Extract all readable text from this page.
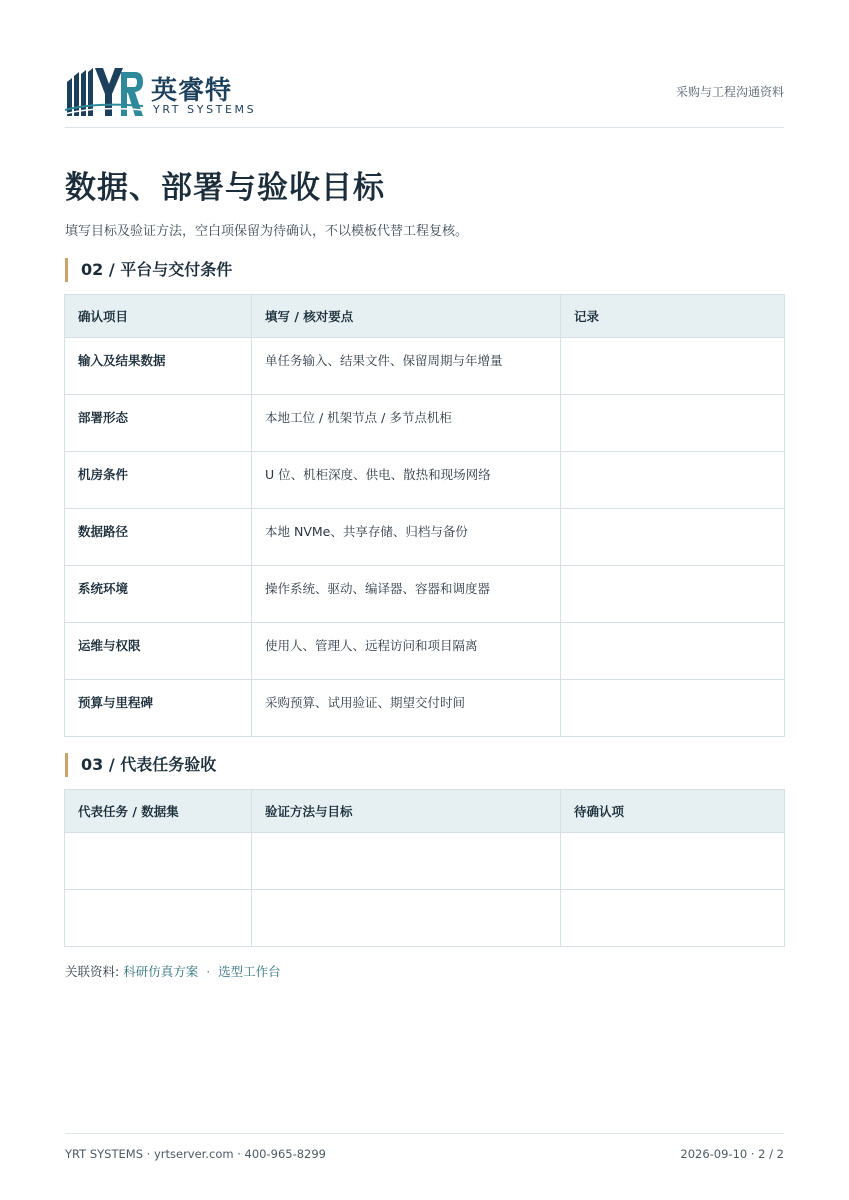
英睿特
YRT SYSTEMS
采购与工程沟通资料
数据、部署与验收目标

填写目标及验证方法，空白项保留为待确认，不以模板代替工程复核。

02 / 平台与交付条件
确认项目	填写 / 核对要点	记录
输入及结果数据	单任务输入、结果文件、保留周期与年增量	
部署形态	本地工位 / 机架节点 / 多节点机柜	
机房条件	U 位、机柜深度、供电、散热和现场网络	
数据路径	本地 NVMe、共享存储、归档与备份	
系统环境	操作系统、驱动、编译器、容器和调度器	
运维与权限	使用人、管理人、远程访问和项目隔离	
预算与里程碑	采购预算、试用验证、期望交付时间	
03 / 代表任务验收
代表任务 / 数据集	验证方法与目标	待确认项

关联资料: 科研仿真方案 · 选型工作台
YRT SYSTEMS · yrtserver.com · 400-965-8299	2026-09-10 · 2 / 2
